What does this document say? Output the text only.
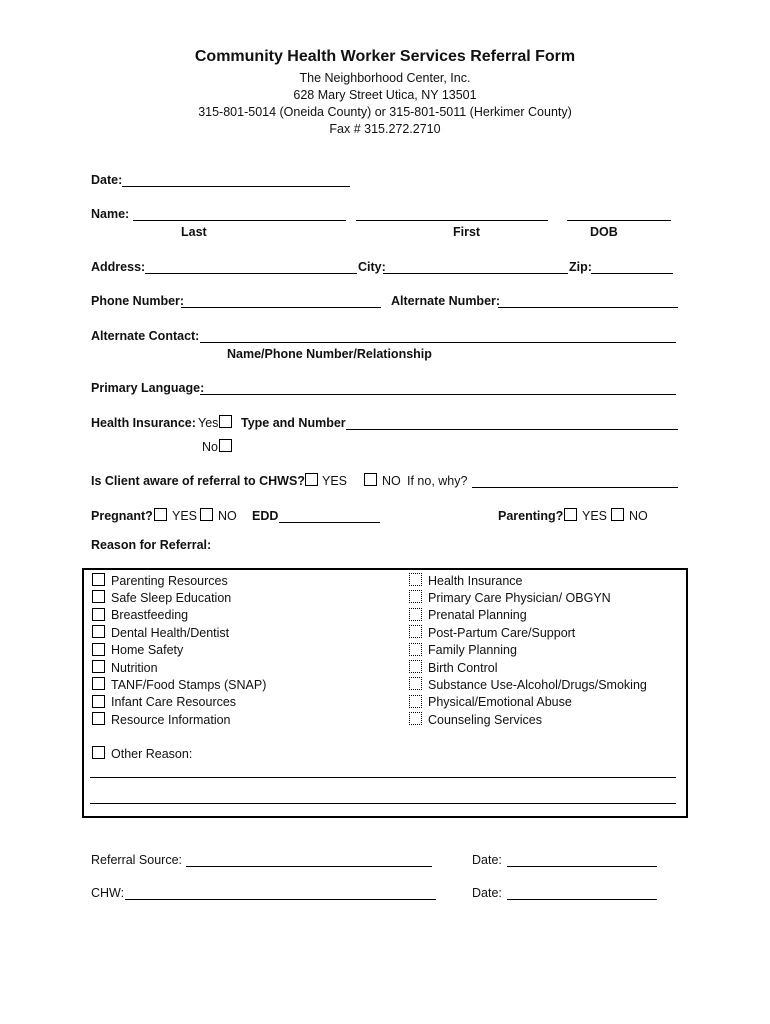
Community Health Worker Services Referral Form
The Neighborhood Center, Inc.
628 Mary Street Utica, NY 13501
315-801-5014 (Oneida County) or 315-801-5011 (Herkimer County)
Fax # 315.272.2710
Date:
Name:
Last	First	DOB
Address:	City:	Zip:
Phone Number:	Alternate Number:
Alternate Contact:
Name/Phone Number/Relationship
Primary Language:
Health Insurance: Yes Type and Number
No
Is Client aware of referral to CHWS? YES	NO If no, why?
Pregnant? YES NO EDD	Parenting? YES NO
Reason for Referral:
Parenting Resources
Safe Sleep Education
Breastfeeding
Dental Health/Dentist
Home Safety
Nutrition
TANF/Food Stamps (SNAP)
Infant Care Resources
Resource Information
Health Insurance
Primary Care Physician/ OBGYN
Prenatal Planning
Post-Partum Care/Support
Family Planning
Birth Control
Substance Use-Alcohol/Drugs/Smoking
Physical/Emotional Abuse
Counseling Services
Other Reason:
Referral Source:	Date:
CHW:	Date:
